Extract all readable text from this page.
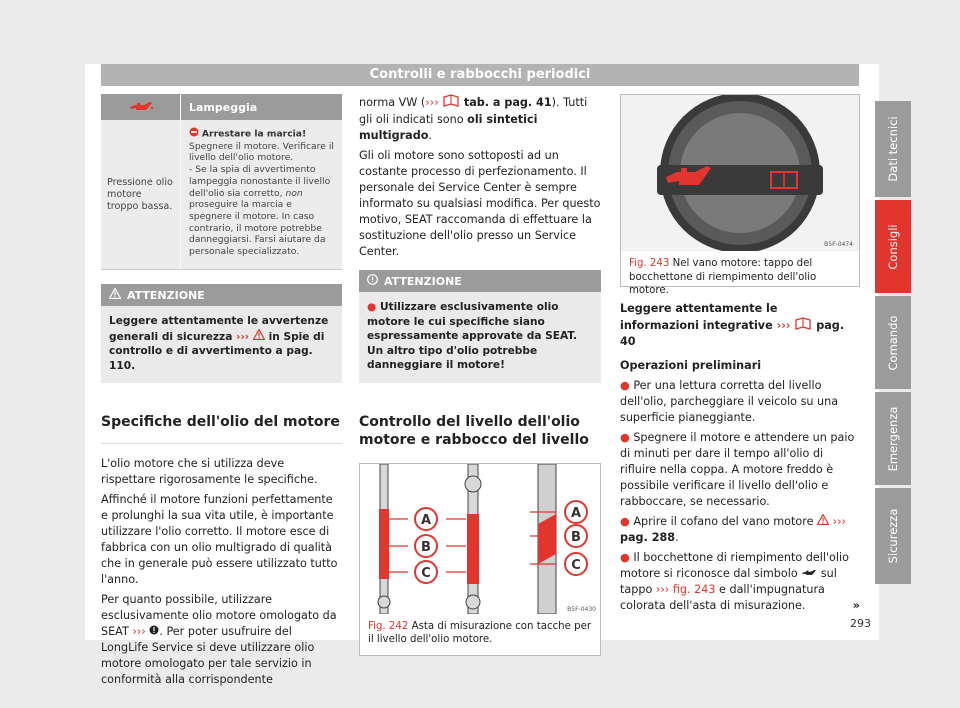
Controlli e rabbocchi periodici
Lampeggia
Pressione olio motore troppo bassa.
Arrestare la marcia!
Spegnere il motore. Verificare il livello dell'olio motore.
- Se la spia di avvertimento lampeggia nonostante il livello dell'olio sia corretto, non proseguire la marcia e spegnere il motore. In caso contrario, il motore potrebbe danneggiarsi. Farsi aiutare da personale specializzato.
ATTENZIONE
Leggere attentamente le avvertenze generali di sicurezza ››› in Spie di controllo e di avvertimento a pag. 110.
Specifiche dell'olio del motore

L'olio motore che si utilizza deve rispettare rigorosamente le specifiche.

Affinché il motore funzioni perfettamente e prolunghi la sua vita utile, è importante utilizzare l'olio corretto. Il motore esce di fabbrica con un olio multigrado di qualità che in generale può essere utilizzato tutto l'anno.

Per quanto possibile, utilizzare esclusivamente olio motore omologato da SEAT ››› . Per poter usufruire del LongLife Service si deve utilizzare olio motore omologato per tale servizio in conformità alla corrispondente

norma VW (››› tab. a pag. 41). Tutti gli oli indicati sono oli sintetici multigrado.

Gli oli motore sono sottoposti ad un costante processo di perfezionamento. Il personale dei Service Center è sempre informato su qualsiasi modifica. Per questo motivo, SEAT raccomanda di effettuare la sostituzione dell'olio presso un Service Center.

ATTENZIONE
● Utilizzare esclusivamente olio motore le cui specifiche siano espressamente approvate da SEAT. Un altro tipo d'olio potrebbe danneggiare il motore!
Controllo del livello dell'olio motore e rabbocco del livello
A
B
C
A
B
C
B5F-0430
Fig. 242 Asta di misurazione con tacche per il livello dell'olio motore.
B5F-0474
Fig. 243 Nel vano motore: tappo del bocchettone di riempimento dell'olio motore.

Leggere attentamente le informazioni integrative ››› pag. 40

Operazioni preliminari

● Per una lettura corretta del livello dell'olio, parcheggiare il veicolo su una superficie pianeggiante.

● Spegnere il motore e attendere un paio di minuti per dare il tempo all'olio di rifluire nella coppa. A motore freddo è possibile verificare il livello dell'olio e rabboccare, se necessario.

● Aprire il cofano del vano motore ››› pag. 288.

● Il bocchettone di riempimento dell'olio motore si riconosce dal simbolo sul tappo ››› fig. 243 e dall'impugnatura colorata dell'asta di misurazione.	»

Dati tecnici
Consigli
Comando
Emergenza
Sicurezza
293
